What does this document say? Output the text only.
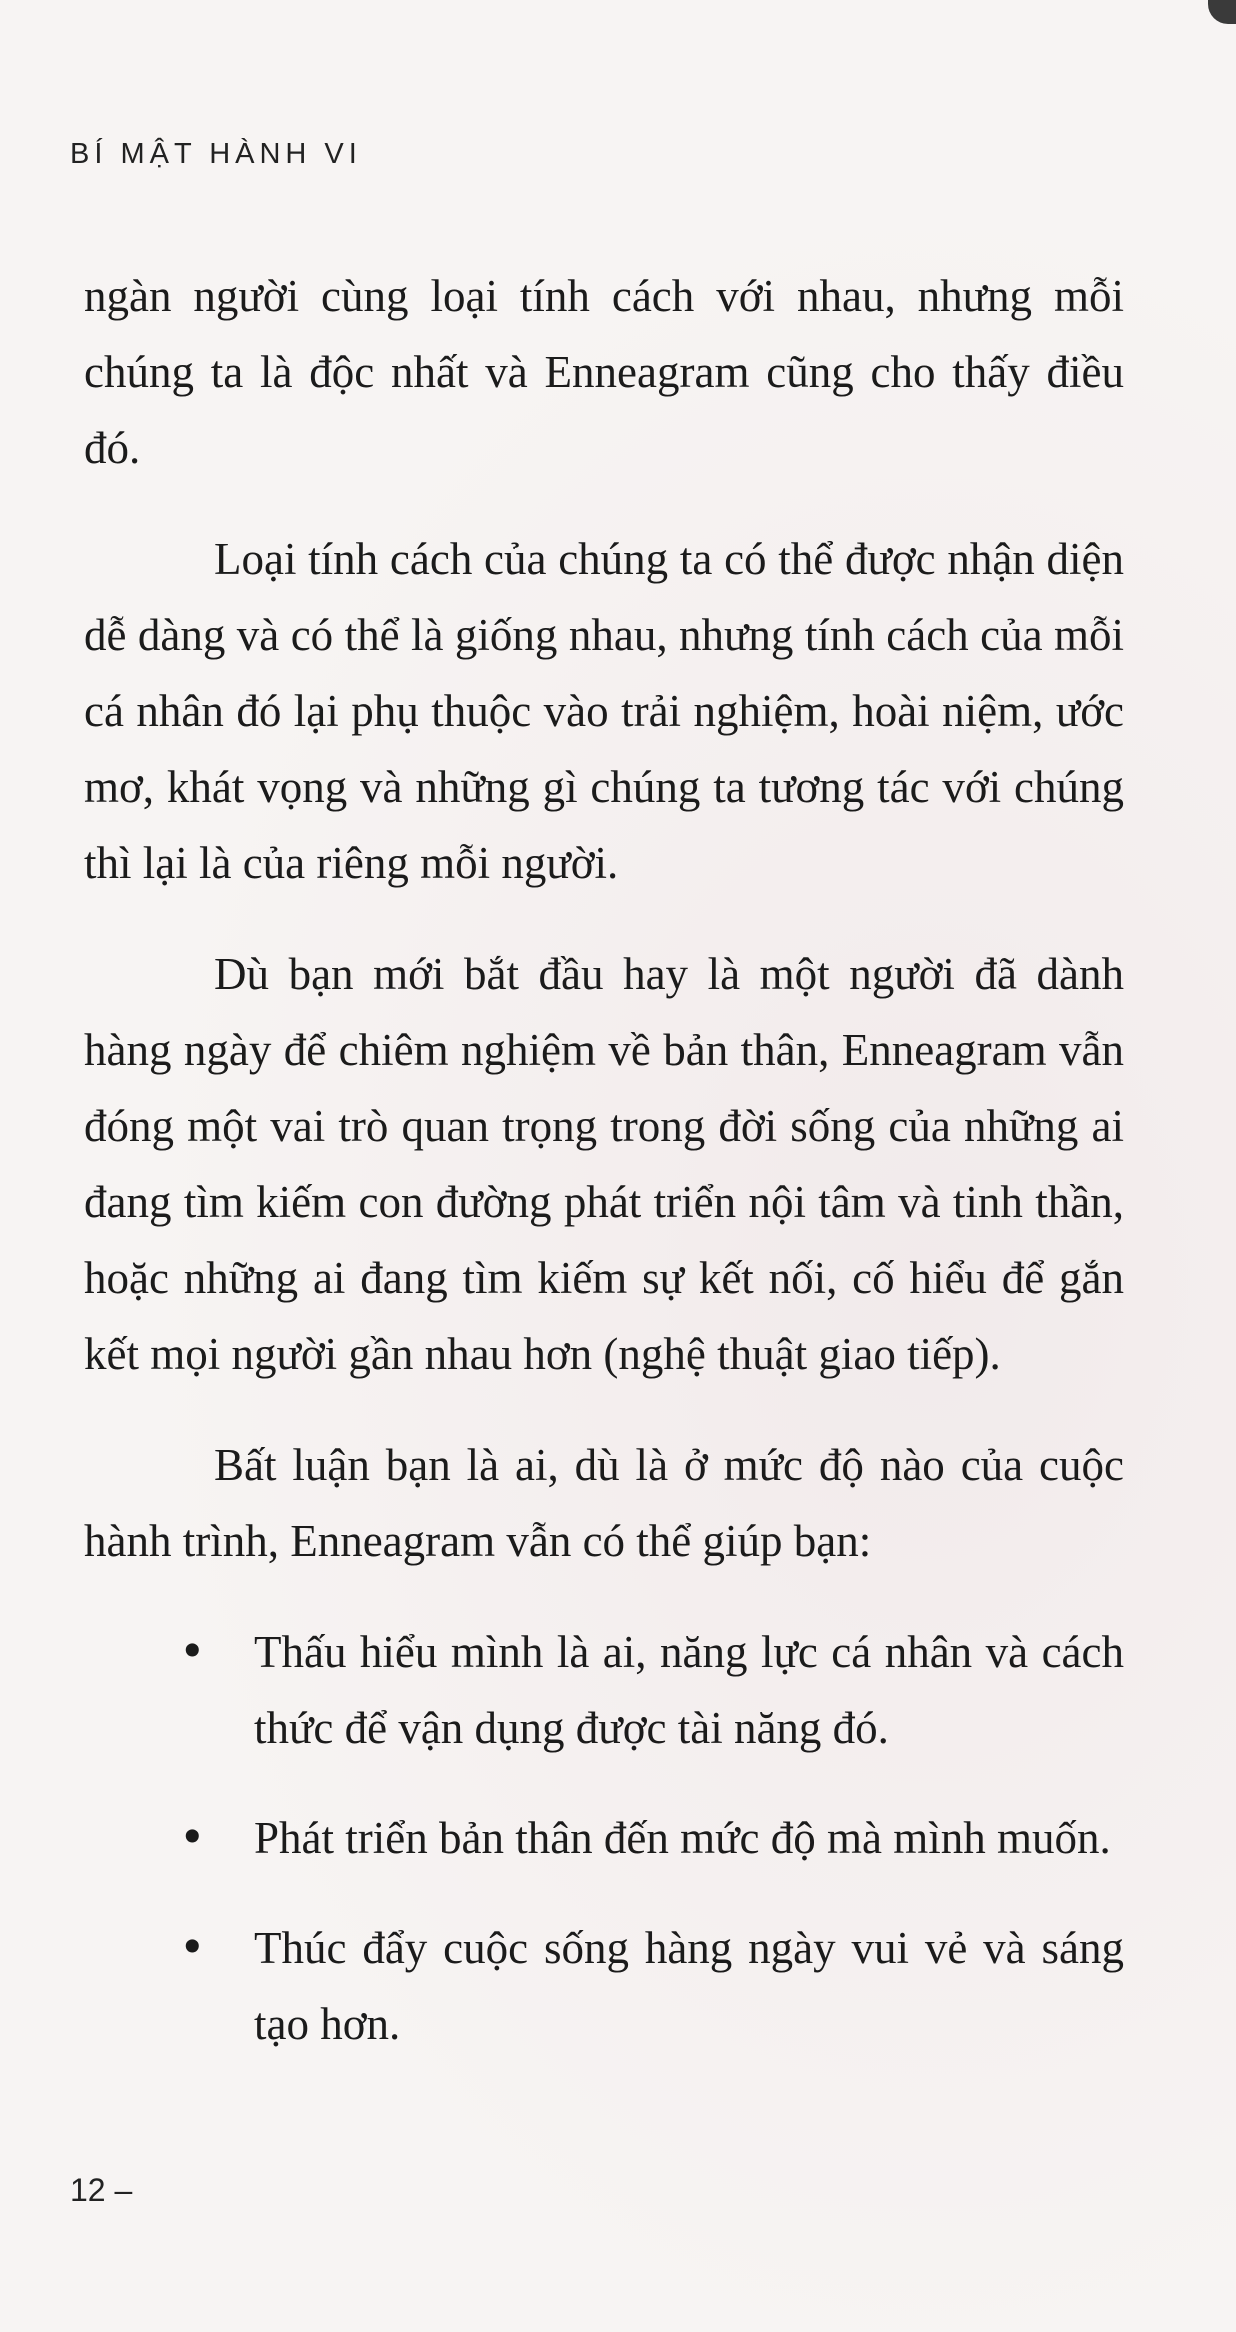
BÍ MẬT HÀNH VI

ngàn người cùng loại tính cách với nhau, nhưng mỗi chúng ta là độc nhất và Enneagram cũng cho thấy điều đó.

Loại tính cách của chúng ta có thể được nhận diện dễ dàng và có thể là giống nhau, nhưng tính cách của mỗi cá nhân đó lại phụ thuộc vào trải nghiệm, hoài niệm, ước mơ, khát vọng và những gì chúng ta tương tác với chúng thì lại là của riêng mỗi người.

Dù bạn mới bắt đầu hay là một người đã dành hàng ngày để chiêm nghiệm về bản thân, Enneagram vẫn đóng một vai trò quan trọng trong đời sống của những ai đang tìm kiếm con đường phát triển nội tâm và tinh thần, hoặc những ai đang tìm kiếm sự kết nối, cố hiểu để gắn kết mọi người gần nhau hơn (nghệ thuật giao tiếp).

Bất luận bạn là ai, dù là ở mức độ nào của cuộc hành trình, Enneagram vẫn có thể giúp bạn:

• Thấu hiểu mình là ai, năng lực cá nhân và cách thức để vận dụng được tài năng đó.
• Phát triển bản thân đến mức độ mà mình muốn.
• Thúc đẩy cuộc sống hàng ngày vui vẻ và sáng tạo hơn.
12 –
